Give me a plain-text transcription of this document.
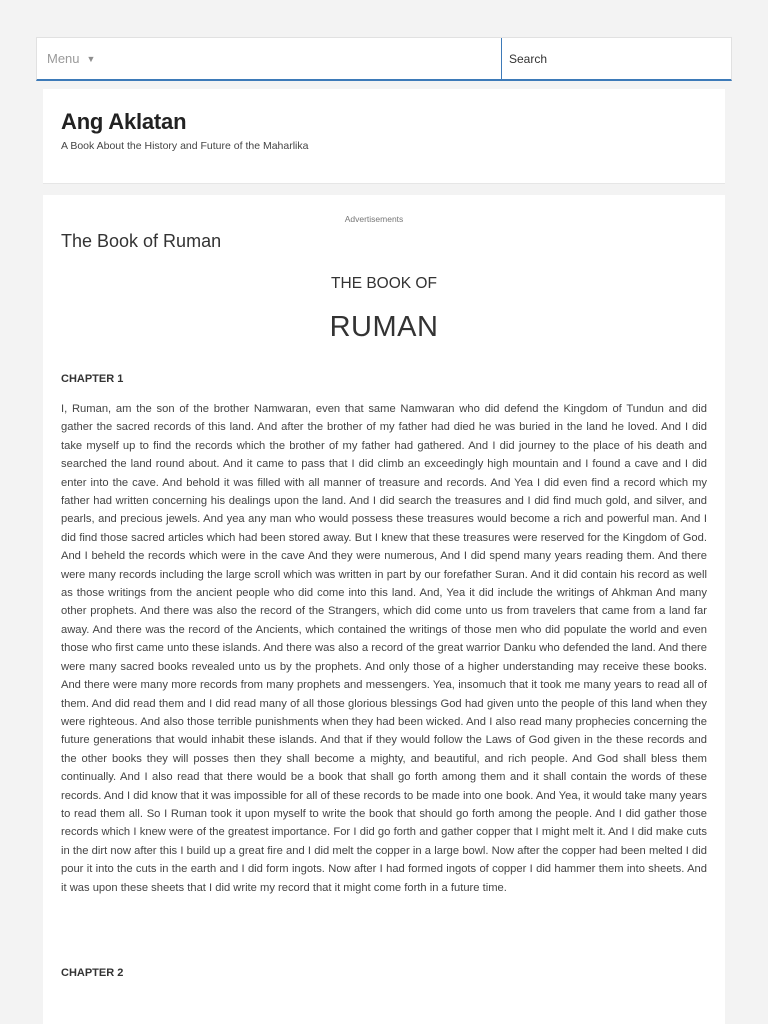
Menu ▼
Search
Ang Aklatan

A Book About the History and Future of the Maharlika

Advertisements
The Book of Ruman
THE BOOK OF
RUMAN

CHAPTER 1

I, Ruman, am the son of the brother Namwaran, even that same Namwaran who did defend the Kingdom of Tundun and did gather the sacred records of this land. And after the brother of my father had died he was buried in the land he loved. And I did take myself up to find the records which the brother of my father had gathered. And I did journey to the place of his death and searched the land round about. And it came to pass that I did climb an exceedingly high mountain and I found a cave and I did enter into the cave. And behold it was filled with all manner of treasure and records. And Yea I did even find a record which my father had written concerning his dealings upon the land. And I did search the treasures and I did find much gold, and silver, and pearls, and precious jewels. And yea any man who would possess these treasures would become a rich and powerful man. And I did find those sacred articles which had been stored away. But I knew that these treasures were reserved for the Kingdom of God. And I beheld the records which were in the cave And they were numerous, And I did spend many years reading them. And there were many records including the large scroll which was written in part by our forefather Suran. And it did contain his record as well as those writings from the ancient people who did come into this land. And, Yea it did include the writings of Ahkman And many other prophets. And there was also the record of the Strangers, which did come unto us from travelers that came from a land far away. And there was the record of the Ancients, which contained the writings of those men who did populate the world and even those who first came unto these islands. And there was also a record of the great warrior Danku who defended the land. And there were many sacred books revealed unto us by the prophets. And only those of a higher understanding may receive these books. And there were many more records from many prophets and messengers. Yea, insomuch that it took me many years to read all of them. And did read them and I did read many of all those glorious blessings God had given unto the people of this land when they were righteous. And also those terrible punishments when they had been wicked. And I also read many prophecies concerning the future generations that would inhabit these islands. And that if they would follow the Laws of God given in the these records and the other books they will posses then they shall become a mighty, and beautiful, and rich people. And God shall bless them continually. And I also read that there would be a book that shall go forth among them and it shall contain the words of these records. And I did know that it was impossible for all of these records to be made into one book. And Yea, it would take many years to read them all. So I Ruman took it upon myself to write the book that should go forth among the people. And I did gather those records which I knew were of the greatest importance. For I did go forth and gather copper that I might melt it. And I did make cuts in the dirt now after this I build up a great fire and I did melt the copper in a large bowl. Now after the copper had been melted I did pour it into the cuts in the earth and I did form ingots. Now after I had formed ingots of copper I did hammer them into sheets. And it was upon these sheets that I did write my record that it might come forth in a future time.

CHAPTER 2
